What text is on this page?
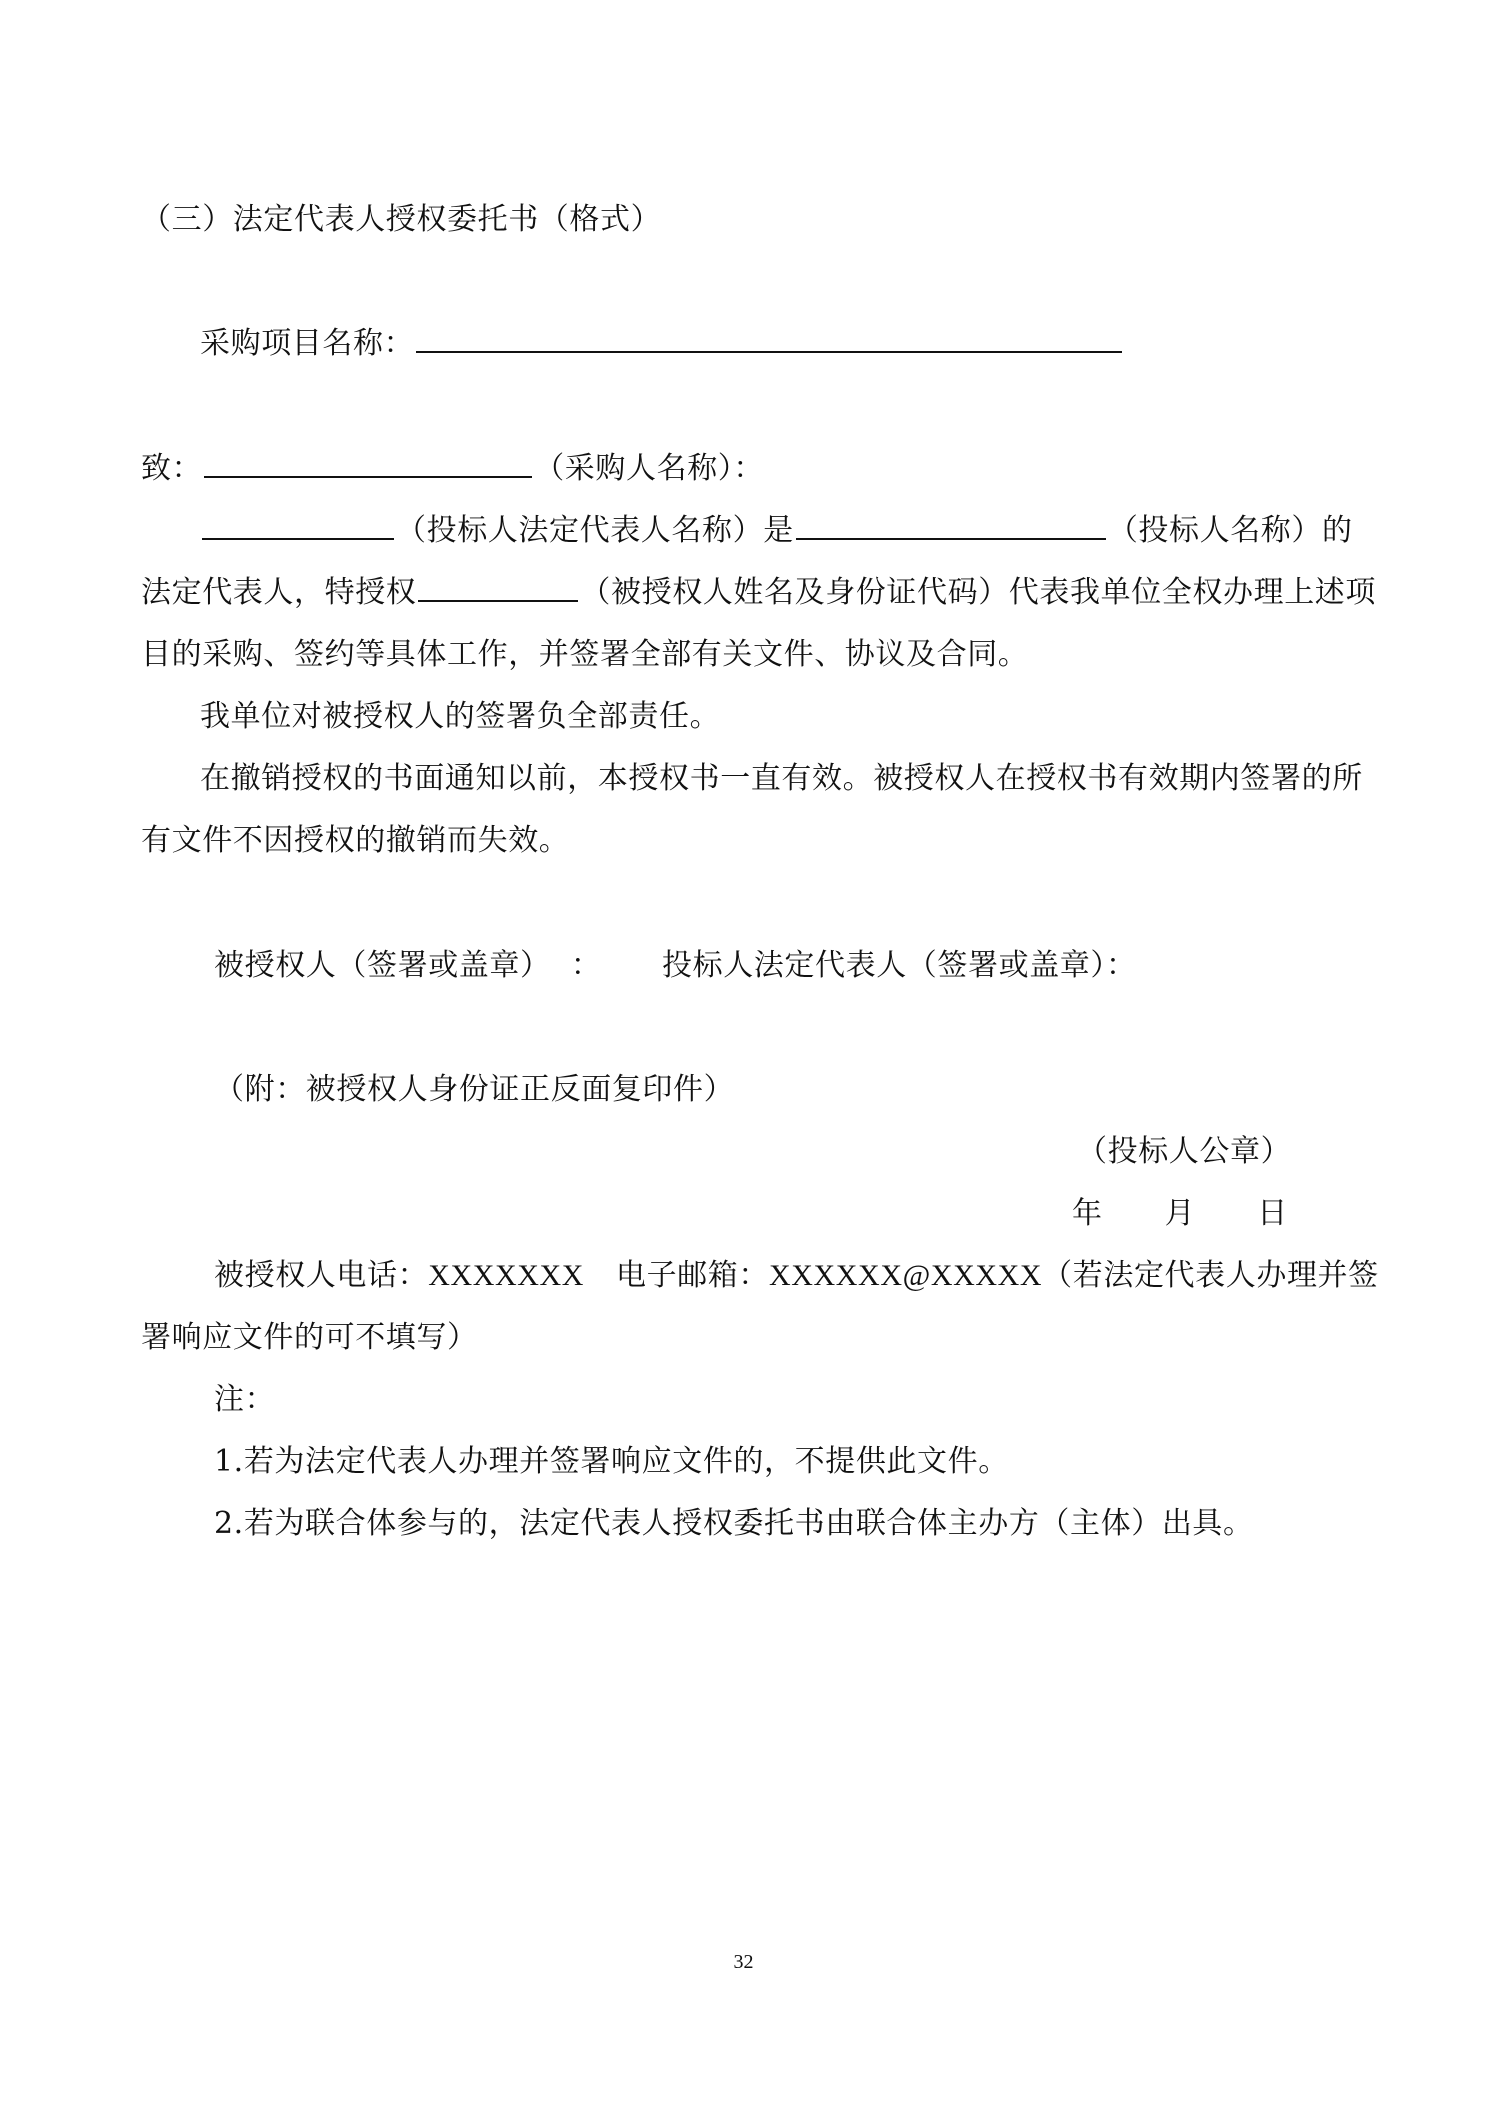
（三）法定代表人授权委托书（格式）
采购项目名称：
致：	（采购人名称）：
（投标人法定代表人名称）是	（投标人名称）的
法定代表人，特授权	（被授权人姓名及身份证代码）代表我单位全权办理上述项
目的采购、签约等具体工作，并签署全部有关文件、协议及合同。
我单位对被授权人的签署负全部责任。
在撤销授权的书面通知以前，本授权书一直有效。被授权人在授权书有效期内签署的所
有文件不因授权的撤销而失效。
被授权人（签署或盖章）  ： 投标人法定代表人（签署或盖章）：
（附：被授权人身份证正反面复印件）
（投标人公章）
年 月 日
被授权人电话：XXXXXXX 电子邮箱：XXXXXX@XXXXX（若法定代表人办理并签
署响应文件的可不填写）
注：
1.若为法定代表人办理并签署响应文件的，不提供此文件。
2.若为联合体参与的，法定代表人授权委托书由联合体主办方（主体）出具。
32
